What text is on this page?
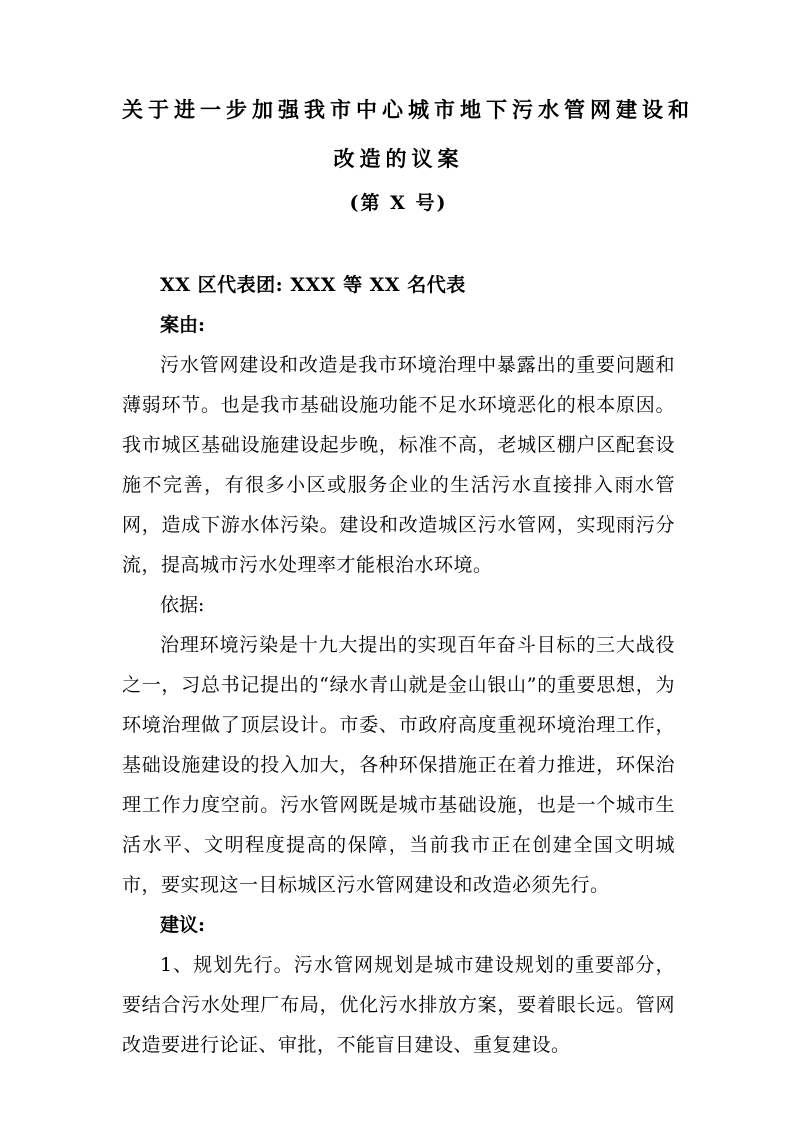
关于进一步加强我市中心城市地下污水管网建设和
改造的议案
(第 X 号)

XX 区代表团: XXX 等 XX 名代表

案由:

污水管网建设和改造是我市环境治理中暴露出的重要问题和薄弱环节。也是我市基础设施功能不足水环境恶化的根本原因。我市城区基础设施建设起步晚，标准不高，老城区棚户区配套设施不完善，有很多小区或服务企业的生活污水直接排入雨水管网，造成下游水体污染。建设和改造城区污水管网，实现雨污分流，提高城市污水处理率才能根治水环境。

依据:

治理环境污染是十九大提出的实现百年奋斗目标的三大战役之一，习总书记提出的“绿水青山就是金山银山”的重要思想，为环境治理做了顶层设计。市委、市政府高度重视环境治理工作，基础设施建设的投入加大，各种环保措施正在着力推进，环保治理工作力度空前。污水管网既是城市基础设施，也是一个城市生活水平、文明程度提高的保障，当前我市正在创建全国文明城市，要实现这一目标城区污水管网建设和改造必须先行。

建议:

1、规划先行。污水管网规划是城市建设规划的重要部分，要结合污水处理厂布局，优化污水排放方案，要着眼长远。管网改造要进行论证、审批，不能盲目建设、重复建设。
